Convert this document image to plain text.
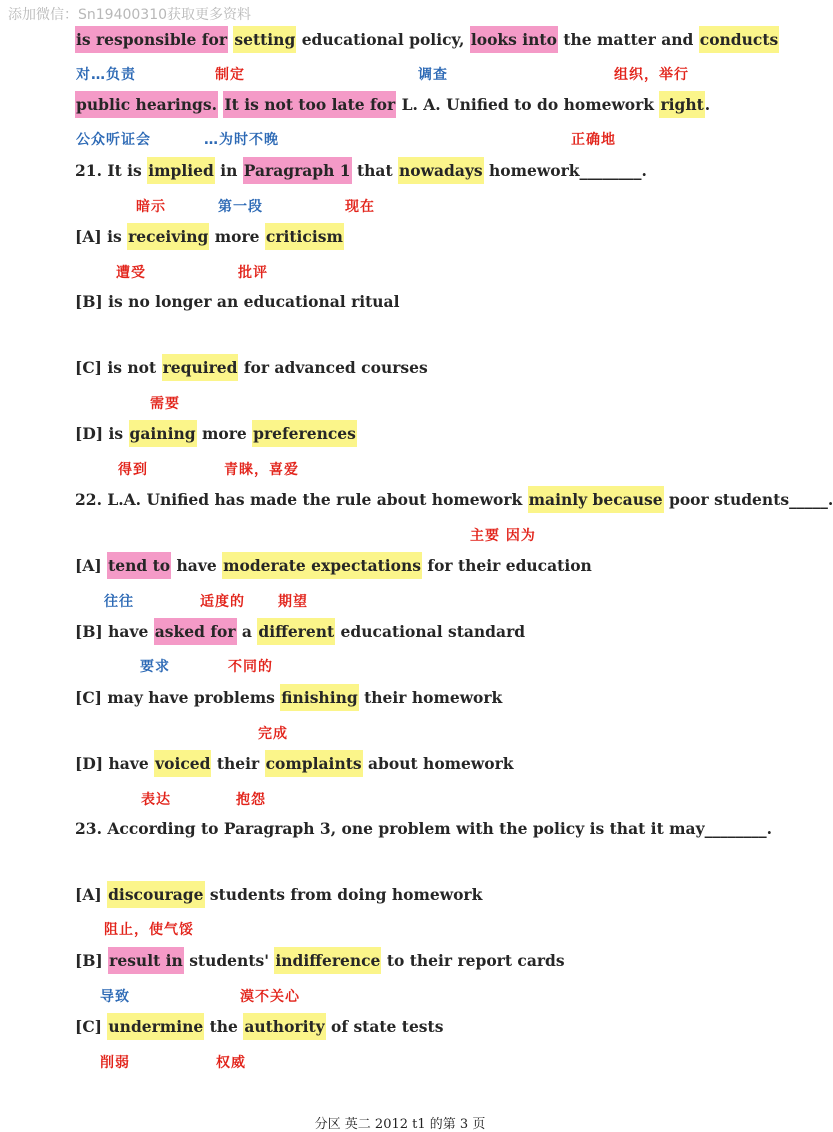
添加微信：Sn19400310获取更多资料
is responsible for setting educational policy, looks into the matter and conducts
public hearings. It is not too late for L. A. Unified to do homework right.
21. It is implied in Paragraph 1 that nowadays homework________.
[A] is receiving more criticism
[B] is no longer an educational ritual
[C] is not required for advanced courses
[D] is gaining more preferences
22. L.A. Unified has made the rule about homework mainly because poor students_____.
[A] tend to have moderate expectations for their education
[B] have asked for a different educational standard
[C] may have problems finishing their homework
[D] have voiced their complaints about homework
23. According to Paragraph 3, one problem with the policy is that it may________.
[A] discourage students from doing homework
[B] result in students' indifference to their report cards
[C] undermine the authority of state tests
对…负责	制定	调查	组织，举行
公众听证会	…为时不晚	正确地
暗示	第一段	现在
遭受	批评
需要
得到	青睐，喜爱
主要 因为
往往	适度的 期望
要求	不同的
完成
表达	抱怨
阻止，使气馁
导致	漠不关心
削弱	权威
分区 英二 2012 t1 的第 3 页
